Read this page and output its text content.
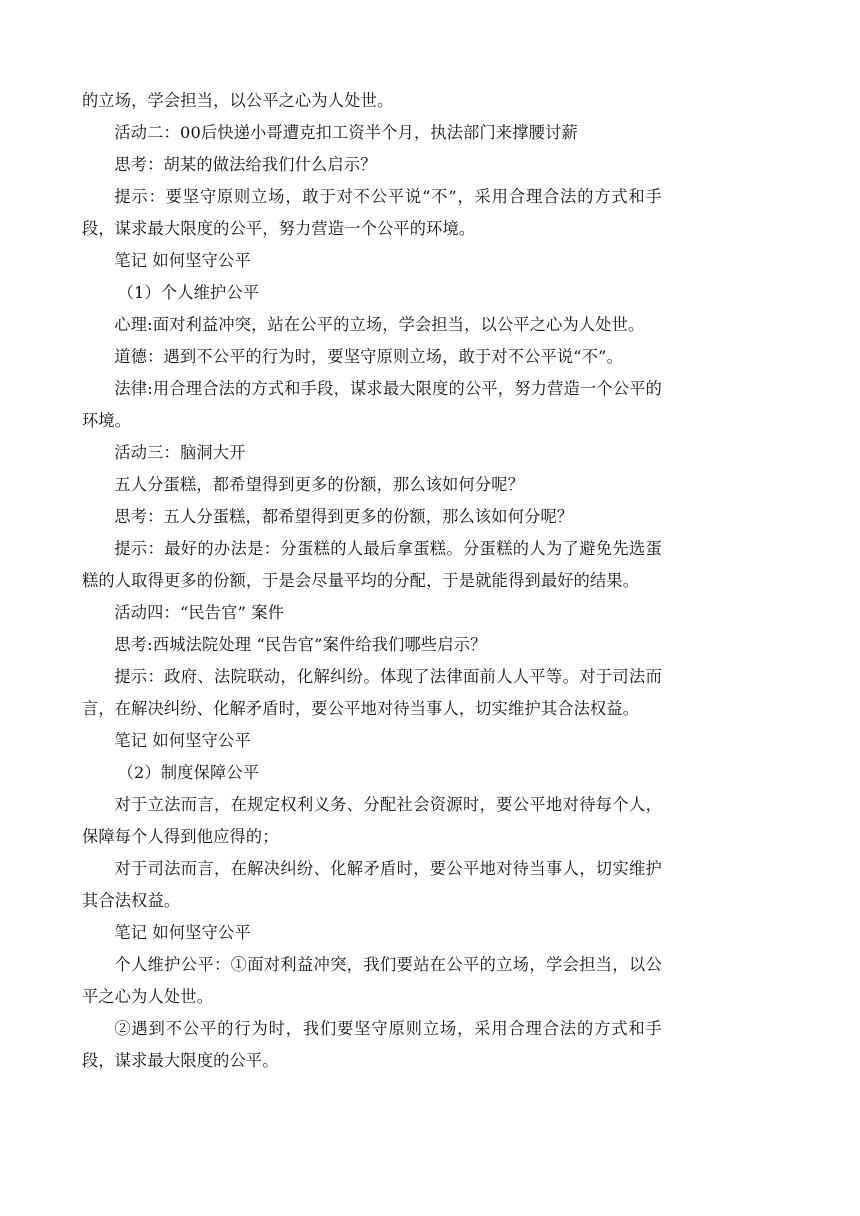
的立场，学会担当，以公平之心为人处世。

活动二：00后快递小哥遭克扣工资半个月，执法部门来撑腰讨薪

思考：胡某的做法给我们什么启示？

提示：要坚守原则立场，敢于对不公平说“不”，采用合理合法的方式和手段，谋求最大限度的公平，努力营造一个公平的环境。

笔记 如何坚守公平

（1）个人维护公平

心理:面对利益冲突，站在公平的立场，学会担当，以公平之心为人处世。

道德：遇到不公平的行为时，要坚守原则立场，敢于对不公平说“不”。

法律:用合理合法的方式和手段，谋求最大限度的公平，努力营造一个公平的环境。

活动三：脑洞大开

五人分蛋糕，都希望得到更多的份额，那么该如何分呢？

思考：五人分蛋糕，都希望得到更多的份额，那么该如何分呢？

提示：最好的办法是：分蛋糕的人最后拿蛋糕。分蛋糕的人为了避免先选蛋糕的人取得更多的份额，于是会尽量平均的分配，于是就能得到最好的结果。

活动四：“民告官” 案件

思考:西城法院处理 “民告官”案件给我们哪些启示？

提示：政府、法院联动，化解纠纷。体现了法律面前人人平等。对于司法而言，在解决纠纷、化解矛盾时，要公平地对待当事人，切实维护其合法权益。

笔记 如何坚守公平

（2）制度保障公平

对于立法而言，在规定权利义务、分配社会资源时，要公平地对待每个人，保障每个人得到他应得的；

对于司法而言，在解决纠纷、化解矛盾时，要公平地对待当事人，切实维护其合法权益。

笔记 如何坚守公平

个人维护公平：①面对利益冲突，我们要站在公平的立场，学会担当，以公平之心为人处世。

②遇到不公平的行为时，我们要坚守原则立场，采用合理合法的方式和手段，谋求最大限度的公平。
